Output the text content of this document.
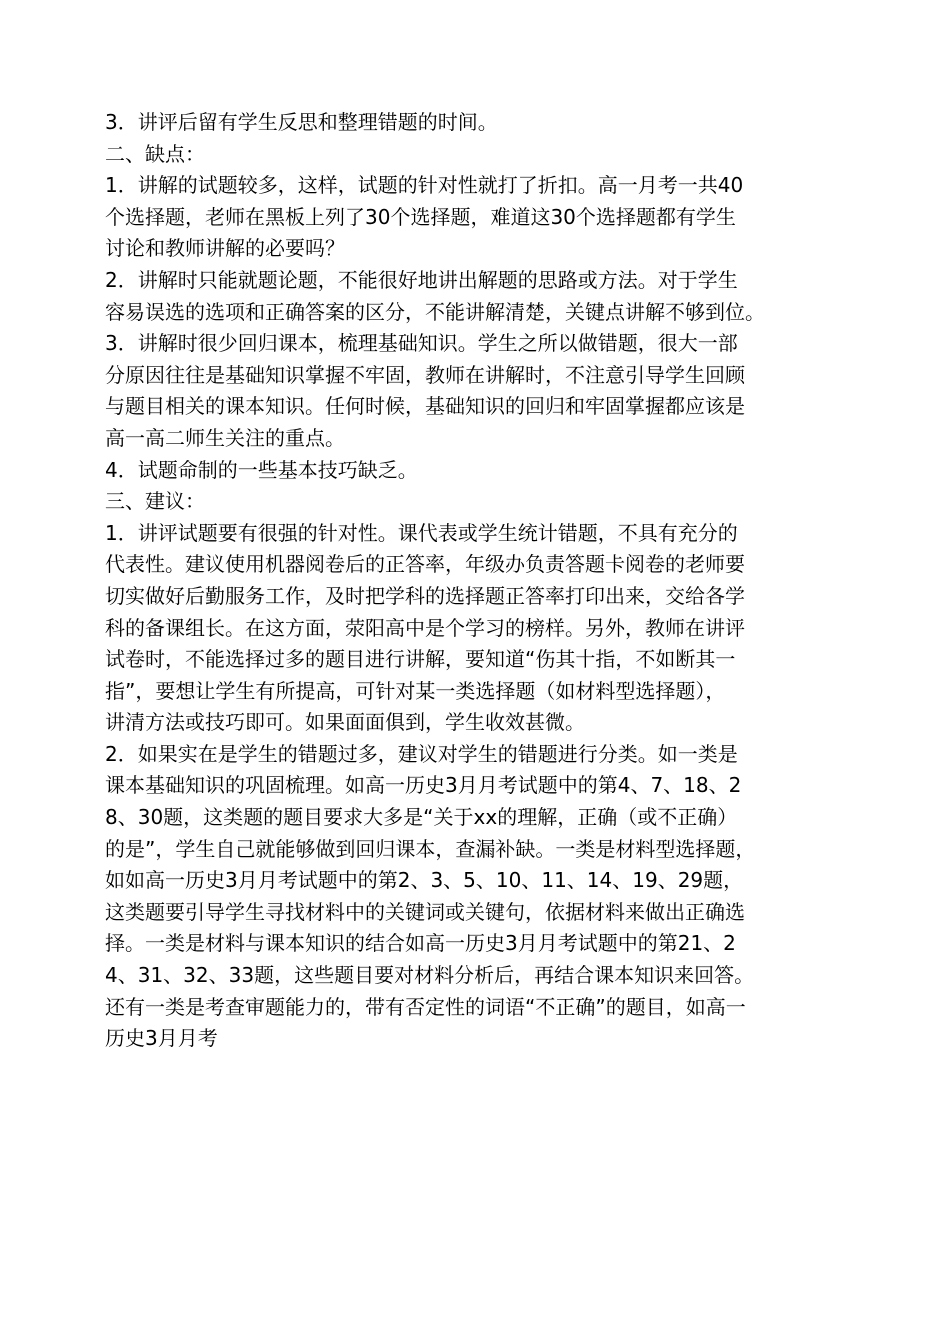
3．讲评后留有学生反思和整理错题的时间。
二、缺点：
1．讲解的试题较多，这样，试题的针对性就打了折扣。高一月考一共40
个选择题，老师在黑板上列了30个选择题，难道这30个选择题都有学生
讨论和教师讲解的必要吗？
2．讲解时只能就题论题，不能很好地讲出解题的思路或方法。对于学生
容易误选的选项和正确答案的区分，不能讲解清楚，关键点讲解不够到位。
3．讲解时很少回归课本，梳理基础知识。学生之所以做错题，很大一部
分原因往往是基础知识掌握不牢固，教师在讲解时，不注意引导学生回顾
与题目相关的课本知识。任何时候，基础知识的回归和牢固掌握都应该是
高一高二师生关注的重点。
4．试题命制的一些基本技巧缺乏。
三、建议：
1．讲评试题要有很强的针对性。课代表或学生统计错题，不具有充分的
代表性。建议使用机器阅卷后的正答率，年级办负责答题卡阅卷的老师要
切实做好后勤服务工作，及时把学科的选择题正答率打印出来，交给各学
科的备课组长。在这方面，荥阳高中是个学习的榜样。另外，教师在讲评
试卷时，不能选择过多的题目进行讲解，要知道“伤其十指，不如断其一
指”，要想让学生有所提高，可针对某一类选择题（如材料型选择题），
讲清方法或技巧即可。如果面面俱到，学生收效甚微。
2．如果实在是学生的错题过多，建议对学生的错题进行分类。如一类是
课本基础知识的巩固梳理。如高一历史3月月考试题中的第4、7、18、2
8、30题，这类题的题目要求大多是“关于xx的理解，正确（或不正确）
的是”，学生自己就能够做到回归课本，查漏补缺。一类是材料型选择题，
如如高一历史3月月考试题中的第2、3、5、10、11、14、19、29题，
这类题要引导学生寻找材料中的关键词或关键句，依据材料来做出正确选
择。一类是材料与课本知识的结合如高一历史3月月考试题中的第21、2
4、31、32、33题，这些题目要对材料分析后，再结合课本知识来回答。
还有一类是考查审题能力的，带有否定性的词语“不正确”的题目，如高一
历史3月月考
